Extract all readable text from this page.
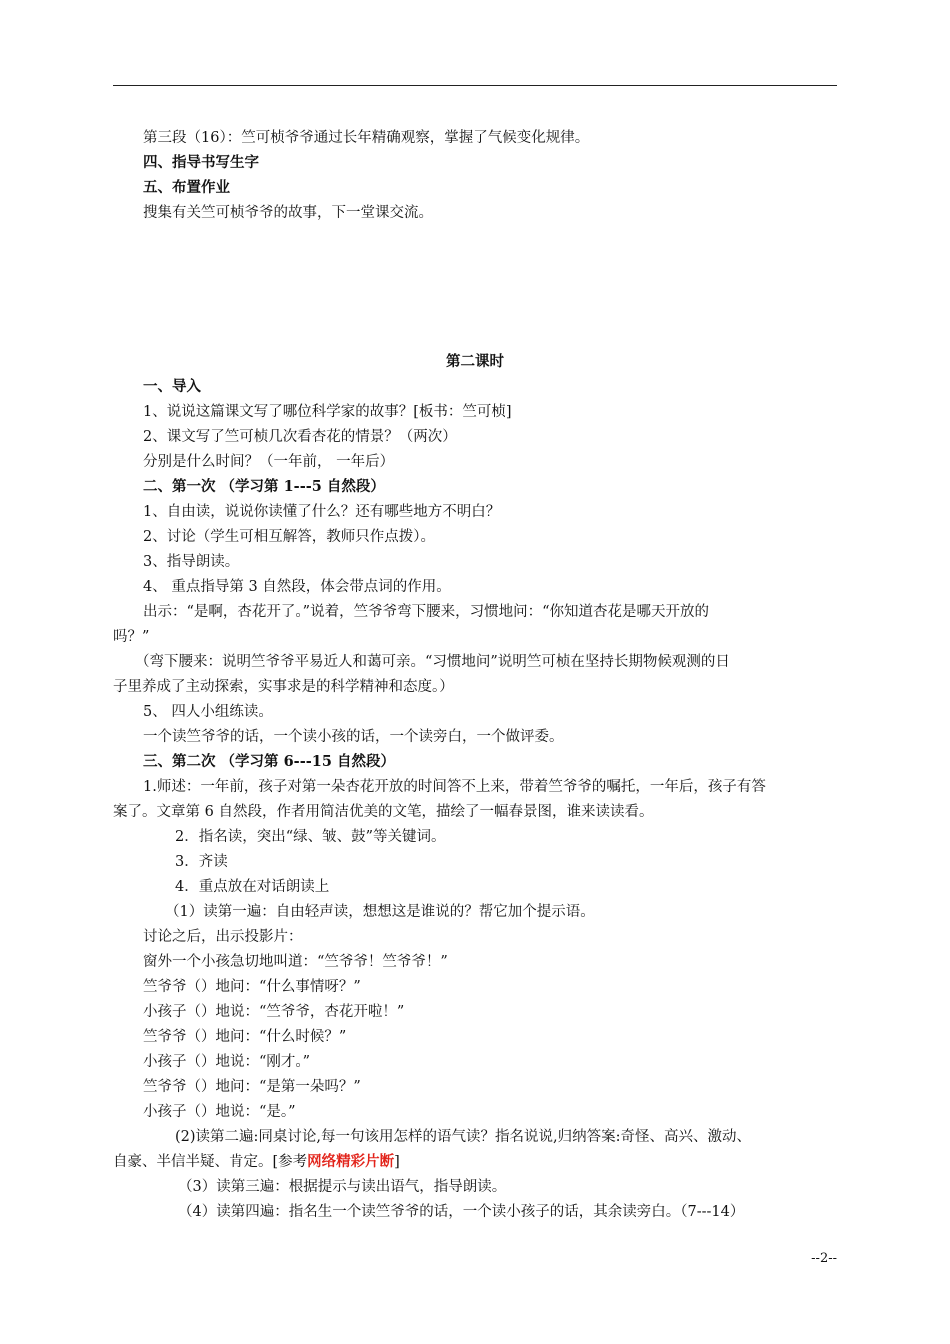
第三段（16）：竺可桢爷爷通过长年精确观察，掌握了气候变化规律。
四、指导书写生字
五、布置作业
搜集有关竺可桢爷爷的故事，下一堂课交流。
第二课时
一、导入
1、说说这篇课文写了哪位科学家的故事？[板书：竺可桢]
2、课文写了竺可桢几次看杏花的情景？（两次）
分别是什么时间？（一年前， 一年后）
二、第一次 （学习第 1---5 自然段）
1、自由读，说说你读懂了什么？还有哪些地方不明白？
2、讨论（学生可相互解答，教师只作点拨）。
3、指导朗读。
4、 重点指导第 3 自然段，体会带点词的作用。
出示：“是啊，杏花开了。”说着，竺爷爷弯下腰来，习惯地问：“你知道杏花是哪天开放的
吗？”
（弯下腰来：说明竺爷爷平易近人和蔼可亲。“习惯地问”说明竺可桢在坚持长期物候观测的日
子里养成了主动探索，实事求是的科学精神和态度。）
5、 四人小组练读。
一个读竺爷爷的话，一个读小孩的话，一个读旁白，一个做评委。
三、第二次 （学习第 6---15 自然段）
1.师述：一年前，孩子对第一朵杏花开放的时间答不上来，带着竺爷爷的嘱托，一年后，孩子有答
案了。文章第 6 自然段，作者用简洁优美的文笔，描绘了一幅春景图，谁来读读看。
2．指名读，突出“绿、皱、鼓”等关键词。
3．齐读
4．重点放在对话朗读上
（1）读第一遍：自由轻声读，想想这是谁说的？帮它加个提示语。
讨论之后，出示投影片：
窗外一个小孩急切地叫道：“竺爷爷！竺爷爷！”
竺爷爷（）地问：“什么事情呀？”
小孩子（）地说：“竺爷爷，杏花开啦！”
竺爷爷（）地问：“什么时候？”
小孩子（）地说：“刚才。”
竺爷爷（）地问：“是第一朵吗？”
小孩子（）地说：“是。”
(2)读第二遍:同桌讨论,每一句该用怎样的语气读？指名说说,归纳答案:奇怪、高兴、激动、
自豪、半信半疑、肯定。[参考网络精彩片断]
（3）读第三遍：根据提示与读出语气，指导朗读。
（4）读第四遍：指名生一个读竺爷爷的话，一个读小孩子的话，其余读旁白。（7---14）
--2--
